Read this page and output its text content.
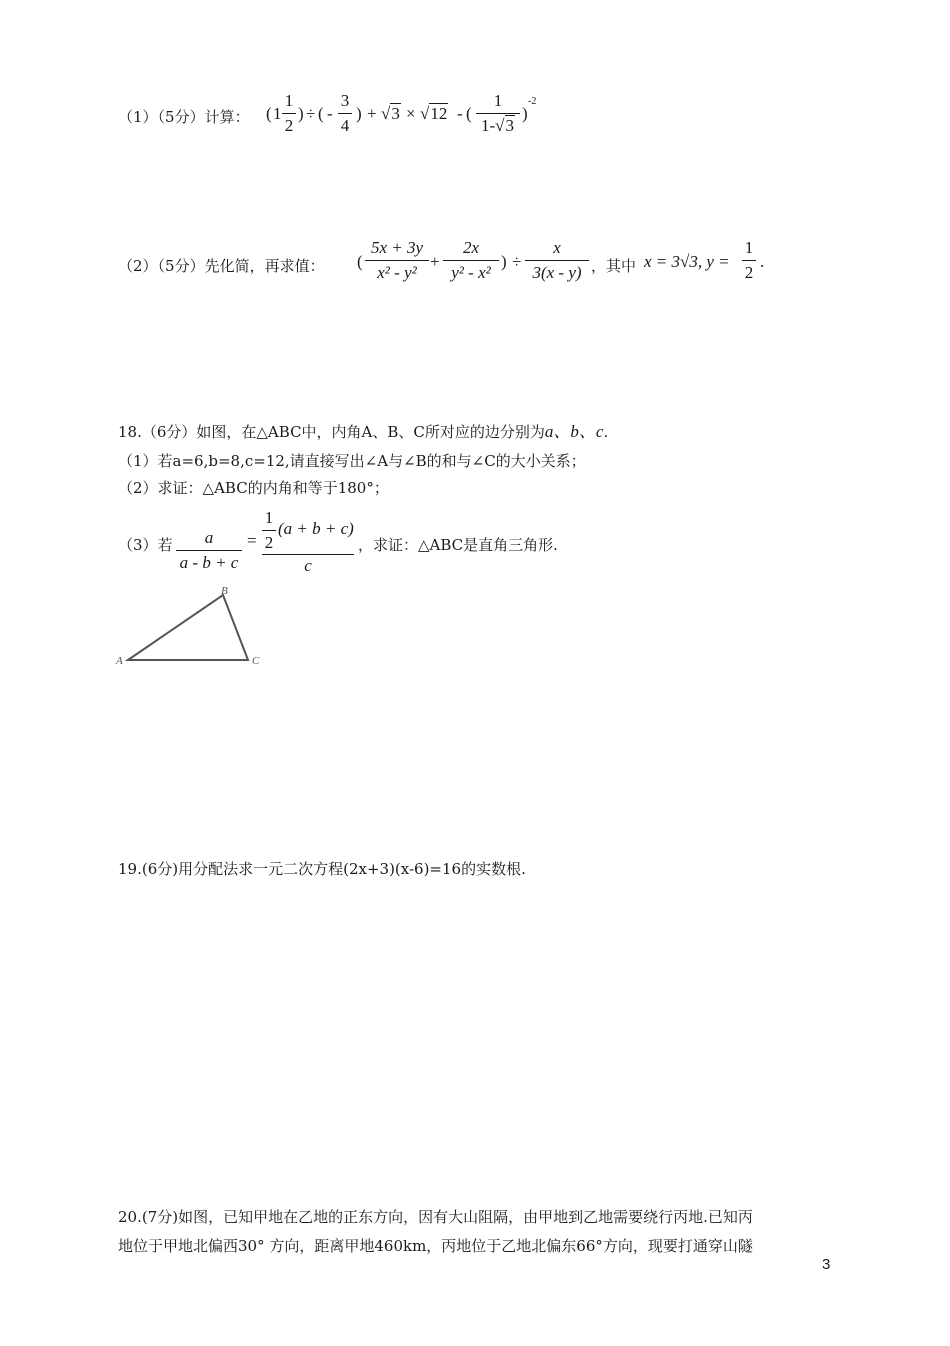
（1）（5分）计算： ( 1
1
2
) ÷ ( -
3
4
) + √3 × √12 - (
1
1-√3
)
-2
（2）（5分）先化简，再求值： (
5x + 3y
x² - y²
+
2x
y² - x²
) ÷
x
3(x - y) ，其中 x = 3√3, y =
1
2
.
18.（6分）如图，在△ABC中，内角A、B、C所对应的边分别为a、b、c.
（1）若a=6,b=8,c=12,请直接写出∠A与∠B的和与∠C的大小关系；
（2）求证：△ABC的内角和等于180°；
（3）若	a
a - b + c
=
1
2
(a + b + c)
c
，求证：△ABC是直角三角形.
A
B
C
19.(6分)用分配法求一元二次方程(2x+3)(x-6)=16的实数根.
20.(7分)如图，已知甲地在乙地的正东方向，因有大山阻隔，由甲地到乙地需要绕行丙地.已知丙
地位于甲地北偏西30° 方向，距离甲地460km，丙地位于乙地北偏东66°方向，现要打通穿山隧
3
